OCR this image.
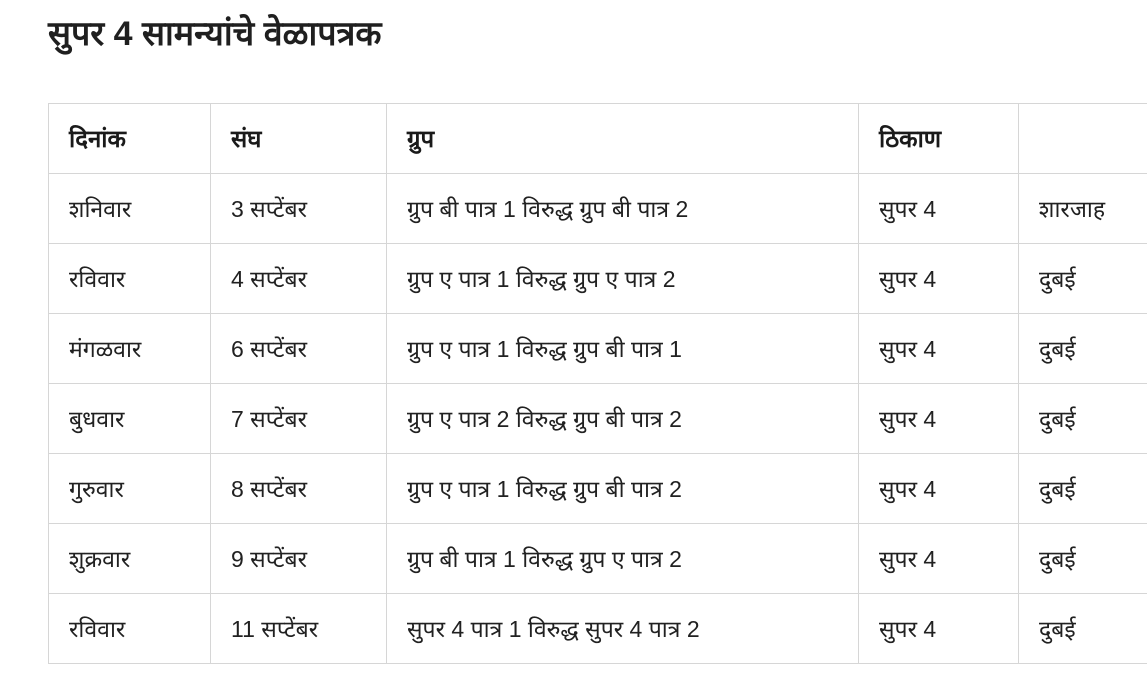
सुपर 4 सामन्यांचे वेळापत्रक
दिनांक	संघ	ग्रुप	ठिकाण	
शनिवार	3 सप्टेंबर	ग्रुप बी पात्र 1 विरुद्ध ग्रुप बी पात्र 2	सुपर 4	शारजाह
रविवार	4 सप्टेंबर	ग्रुप ए पात्र 1 विरुद्ध ग्रुप ए पात्र 2	सुपर 4	दुबई
मंगळवार	6 सप्टेंबर	ग्रुप ए पात्र 1 विरुद्ध ग्रुप बी पात्र 1	सुपर 4	दुबई
बुधवार	7 सप्टेंबर	ग्रुप ए पात्र 2 विरुद्ध ग्रुप बी पात्र 2	सुपर 4	दुबई
गुरुवार	8 सप्टेंबर	ग्रुप ए पात्र 1 विरुद्ध ग्रुप बी पात्र 2	सुपर 4	दुबई
शुक्रवार	9 सप्टेंबर	ग्रुप बी पात्र 1 विरुद्ध ग्रुप ए पात्र 2	सुपर 4	दुबई
रविवार	11 सप्टेंबर	सुपर 4 पात्र 1 विरुद्ध सुपर 4 पात्र 2	सुपर 4	दुबई
